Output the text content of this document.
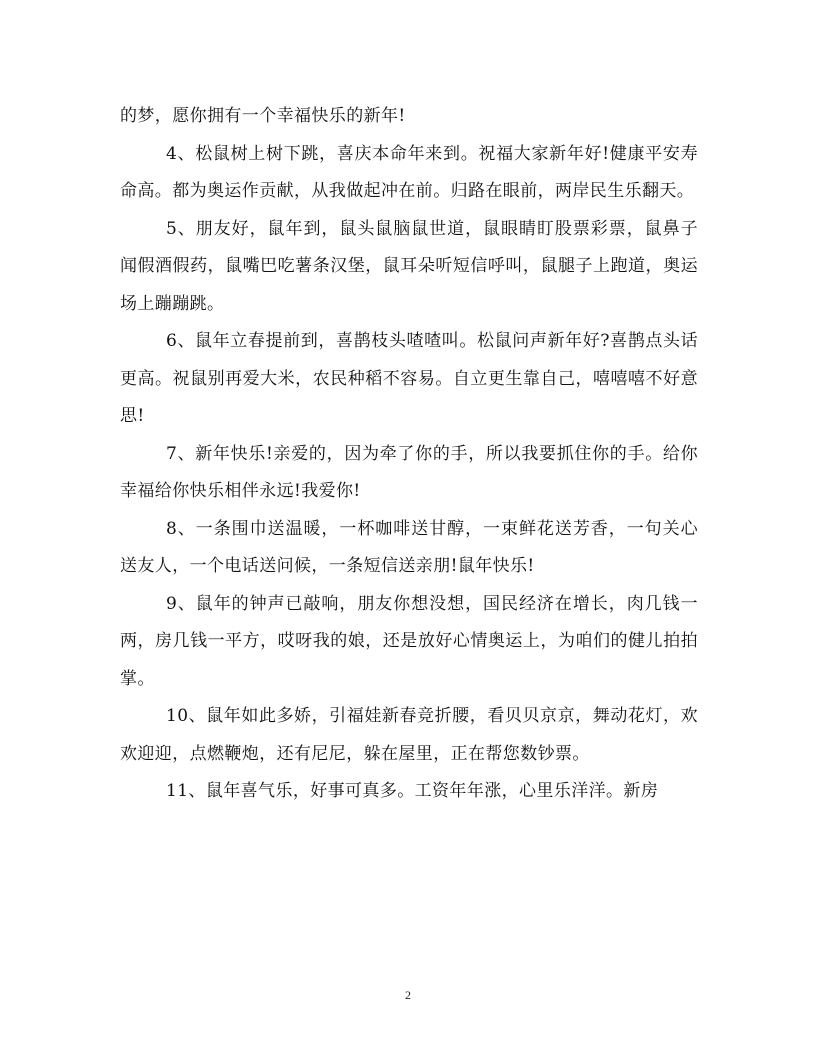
的梦，愿你拥有一个幸福快乐的新年!

4、松鼠树上树下跳，喜庆本命年来到。祝福大家新年好!健康平安寿命高。都为奥运作贡献，从我做起冲在前。归路在眼前，两岸民生乐翻天。

5、朋友好，鼠年到，鼠头鼠脑鼠世道，鼠眼睛盯股票彩票，鼠鼻子闻假酒假药，鼠嘴巴吃薯条汉堡，鼠耳朵听短信呼叫，鼠腿子上跑道，奥运场上蹦蹦跳。

6、鼠年立春提前到，喜鹊枝头喳喳叫。松鼠问声新年好?喜鹊点头话更高。祝鼠别再爱大米，农民种稻不容易。自立更生靠自己，嘻嘻嘻不好意思!

7、新年快乐!亲爱的，因为牵了你的手，所以我要抓住你的手。给你幸福给你快乐相伴永远!我爱你!

8、一条围巾送温暖，一杯咖啡送甘醇，一束鲜花送芳香，一句关心送友人，一个电话送问候，一条短信送亲朋!鼠年快乐!

9、鼠年的钟声已敲响，朋友你想没想，国民经济在增长，肉几钱一两，房几钱一平方，哎呀我的娘，还是放好心情奥运上，为咱们的健儿拍拍掌。

10、鼠年如此多娇，引福娃新春竞折腰，看贝贝京京，舞动花灯，欢欢迎迎，点燃鞭炮，还有尼尼，躲在屋里，正在帮您数钞票。

11、鼠年喜气乐，好事可真多。工资年年涨，心里乐洋洋。新房

2
